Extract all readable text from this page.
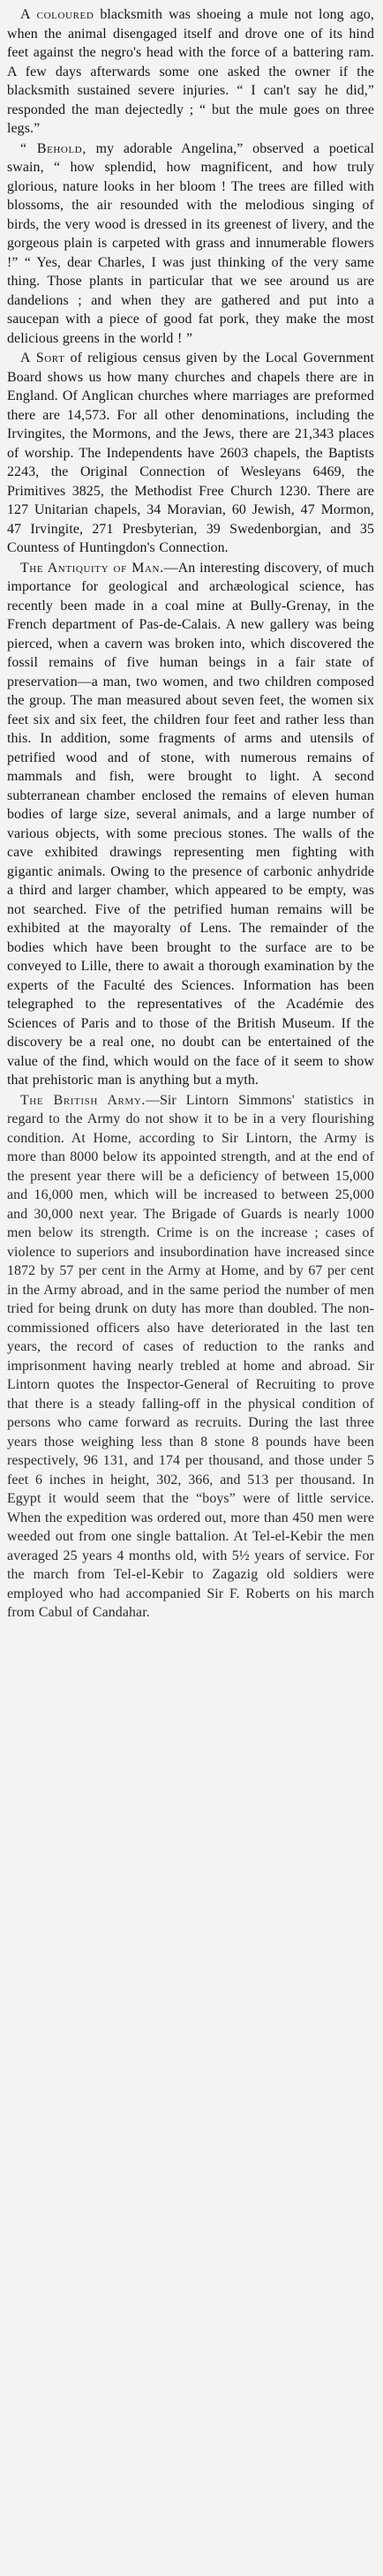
A coloured blacksmith was shoeing a mule not long ago, when the animal disengaged itself and drove one of its hind feet against the negro's head with the force of a battering ram. A few days afterwards some one asked the owner if the blacksmith sustained severe injuries. “ I can't say he did,” responded the man dejectedly ; “ but the mule goes on three legs.”

“ Behold, my adorable Angelina,” observed a poetical swain, “ how splendid, how magnificent, and how truly glorious, nature looks in her bloom ! The trees are filled with blossoms, the air resounded with the melodious singing of birds, the very wood is dressed in its greenest of livery, and the gorgeous plain is carpeted with grass and innumerable flowers !” “ Yes, dear Charles, I was just thinking of the very same thing. Those plants in particular that we see around us are dandelions ; and when they are gathered and put into a saucepan with a piece of good fat pork, they make the most delicious greens in the world ! ”

A Sort of religious census given by the Local Government Board shows us how many churches and chapels there are in England. Of Anglican churches where marriages are preformed there are 14,573. For all other denominations, including the Irvingites, the Mormons, and the Jews, there are 21,343 places of worship. The Independents have 2603 chapels, the Baptists 2243, the Original Connection of Wesleyans 6469, the Primitives 3825, the Methodist Free Church 1230. There are 127 Unitarian chapels, 34 Moravian, 60 Jewish, 47 Mormon, 47 Irvingite, 271 Presbyterian, 39 Swedenborgian, and 35 Countess of Huntingdon's Connection.

The Antiquity of Man.—An interesting discovery, of much importance for geological and archæological science, has recently been made in a coal mine at Bully-Grenay, in the French department of Pas-de-Calais. A new gallery was being pierced, when a cavern was broken into, which discovered the fossil remains of five human beings in a fair state of preservation—a man, two women, and two children composed the group. The man measured about seven feet, the women six feet six and six feet, the children four feet and rather less than this. In addition, some fragments of arms and utensils of petrified wood and of stone, with numerous remains of mammals and fish, were brought to light. A second subterranean chamber enclosed the remains of eleven human bodies of large size, several animals, and a large number of various objects, with some precious stones. The walls of the cave exhibited drawings representing men fighting with gigantic animals. Owing to the presence of carbonic anhydride a third and larger chamber, which appeared to be empty, was not searched. Five of the petrified human remains will be exhibited at the mayoralty of Lens. The remainder of the bodies which have been brought to the surface are to be conveyed to Lille, there to await a thorough examination by the experts of the Faculté des Sciences. Information has been telegraphed to the representatives of the Académie des Sciences of Paris and to those of the British Museum. If the discovery be a real one, no doubt can be entertained of the value of the find, which would on the face of it seem to show that prehistoric man is anything but a myth.

The British Army.—Sir Lintorn Simmons' statistics in regard to the Army do not show it to be in a very flourishing condition. At Home, according to Sir Lintorn, the Army is more than 8000 below its appointed strength, and at the end of the present year there will be a deficiency of between 15,000 and 16,000 men, which will be increased to between 25,000 and 30,000 next year. The Brigade of Guards is nearly 1000 men below its strength. Crime is on the increase ; cases of violence to superiors and insubordination have increased since 1872 by 57 per cent in the Army at Home, and by 67 per cent in the Army abroad, and in the same period the number of men tried for being drunk on duty has more than doubled. The non-commissioned officers also have deteriorated in the last ten years, the record of cases of reduction to the ranks and imprisonment having nearly trebled at home and abroad. Sir Lintorn quotes the Inspector-General of Recruiting to prove that there is a steady falling-off in the physical condition of persons who came forward as recruits. During the last three years those weighing less than 8 stone 8 pounds have been respectively, 96 131, and 174 per thousand, and those under 5 feet 6 inches in height, 302, 366, and 513 per thousand. In Egypt it would seem that the “boys” were of little service. When the expedition was ordered out, more than 450 men were weeded out from one single battalion. At Tel-el-Kebir the men averaged 25 years 4 months old, with 5½ years of service. For the march from Tel-el-Kebir to Zagazig old soldiers were employed who had accompanied Sir F. Roberts on his march from Cabul of Candahar.
